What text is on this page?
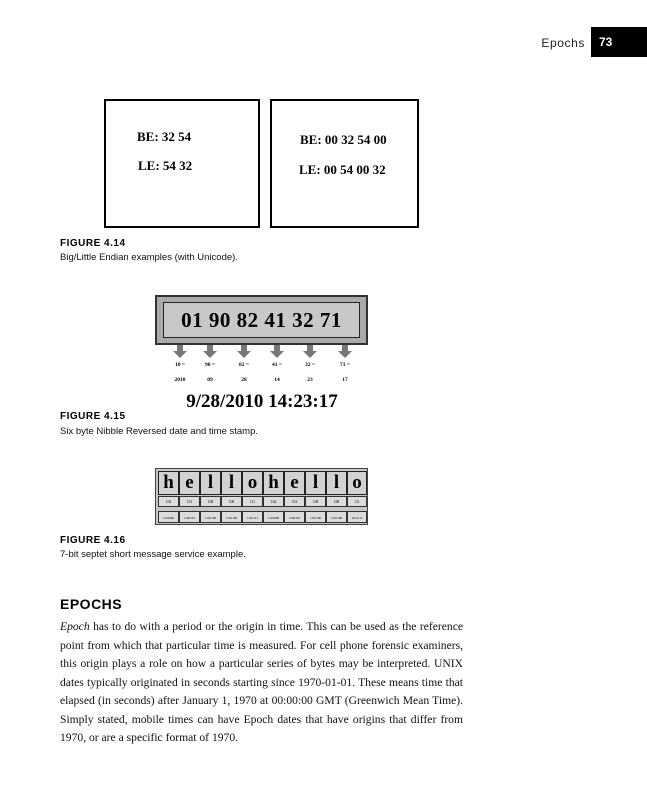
Epochs	73
BE: 32 54
LE: 54 32
BE: 00 32 54 00
LE: 00 54 00 32
FIGURE 4.14
Big/Little Endian examples (with Unicode).
01 90 82 41 32 71
10 =	90 =	82 =	41 =	32 =	71 =
2010	09	28	14	23	17
9/28/2010 14:23:17
FIGURE 4.15
Six byte Nibble Reversed date and time stamp.
h e l l o h e l l o
104	101	108	108	111	104	101	108	108	111
1101000	1100101	1101100	1101100	1101111	1101000	1100101	1101100	1101100	1101111
FIGURE 4.16
7-bit septet short message service example.
EPOCHS
Epoch has to do with a period or the origin in time. This can be used as the reference point from which that particular time is measured. For cell phone forensic examiners, this origin plays a role on how a particular series of bytes may be interpreted. UNIX dates typically originated in seconds starting since 1970-01-01. These means time that elapsed (in seconds) after January 1, 1970 at 00:00:00 GMT (Greenwich Mean Time). Simply stated, mobile times can have Epoch dates that have origins that differ from 1970, or are a specific format of 1970.
